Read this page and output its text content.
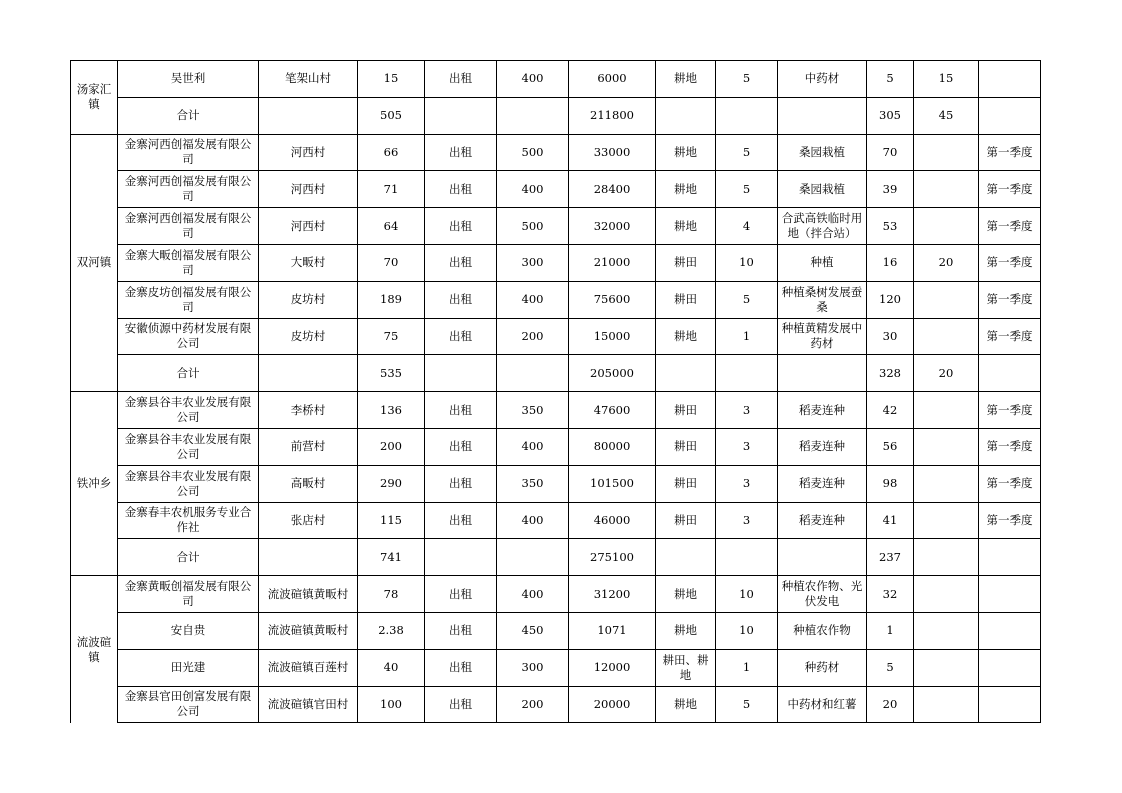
汤家汇镇	吴世利	笔架山村	15	出租	400	6000	耕地	5	中药材	5	15	
	合计		505			211800				305	45	
双河镇	金寨河西创福发展有限公司	河西村	66	出租	500	33000	耕地	5	桑园栽植	70		第一季度
	金寨河西创福发展有限公司	河西村	71	出租	400	28400	耕地	5	桑园栽植	39		第一季度
	金寨河西创福发展有限公司	河西村	64	出租	500	32000	耕地	4	合武高铁临时用地（拌合站）	53		第一季度
	金寨大畈创福发展有限公司	大畈村	70	出租	300	21000	耕田	10	种植	16	20	第一季度
	金寨皮坊创福发展有限公司	皮坊村	189	出租	400	75600	耕田	5	种植桑树发展蚕桑	120		第一季度
	安徽侦源中药材发展有限公司	皮坊村	75	出租	200	15000	耕地	1	种植黄精发展中药材	30		第一季度
	合计		535			205000				328	20	
铁冲乡	金寨县谷丰农业发展有限公司	李桥村	136	出租	350	47600	耕田	3	稻麦连种	42		第一季度
	金寨县谷丰农业发展有限公司	前营村	200	出租	400	80000	耕田	3	稻麦连种	56		第一季度
	金寨县谷丰农业发展有限公司	高畈村	290	出租	350	101500	耕田	3	稻麦连种	98		第一季度
	金寨春丰农机服务专业合作社	张店村	115	出租	400	46000	耕田	3	稻麦连种	41		第一季度
	合计		741			275100				237		
流波碹镇	金寨黄畈创福发展有限公司	流波碹镇黄畈村	78	出租	400	31200	耕地	10	种植农作物、光伏发电	32		
	安自贵	流波碹镇黄畈村	2.38	出租	450	1071	耕地	10	种植农作物	1		
	田光建	流波碹镇百莲村	40	出租	300	12000	耕田、耕地	1	种药材	5		
	金寨县官田创富发展有限公司	流波碹镇官田村	100	出租	200	20000	耕地	5	中药材和红薯	20		
